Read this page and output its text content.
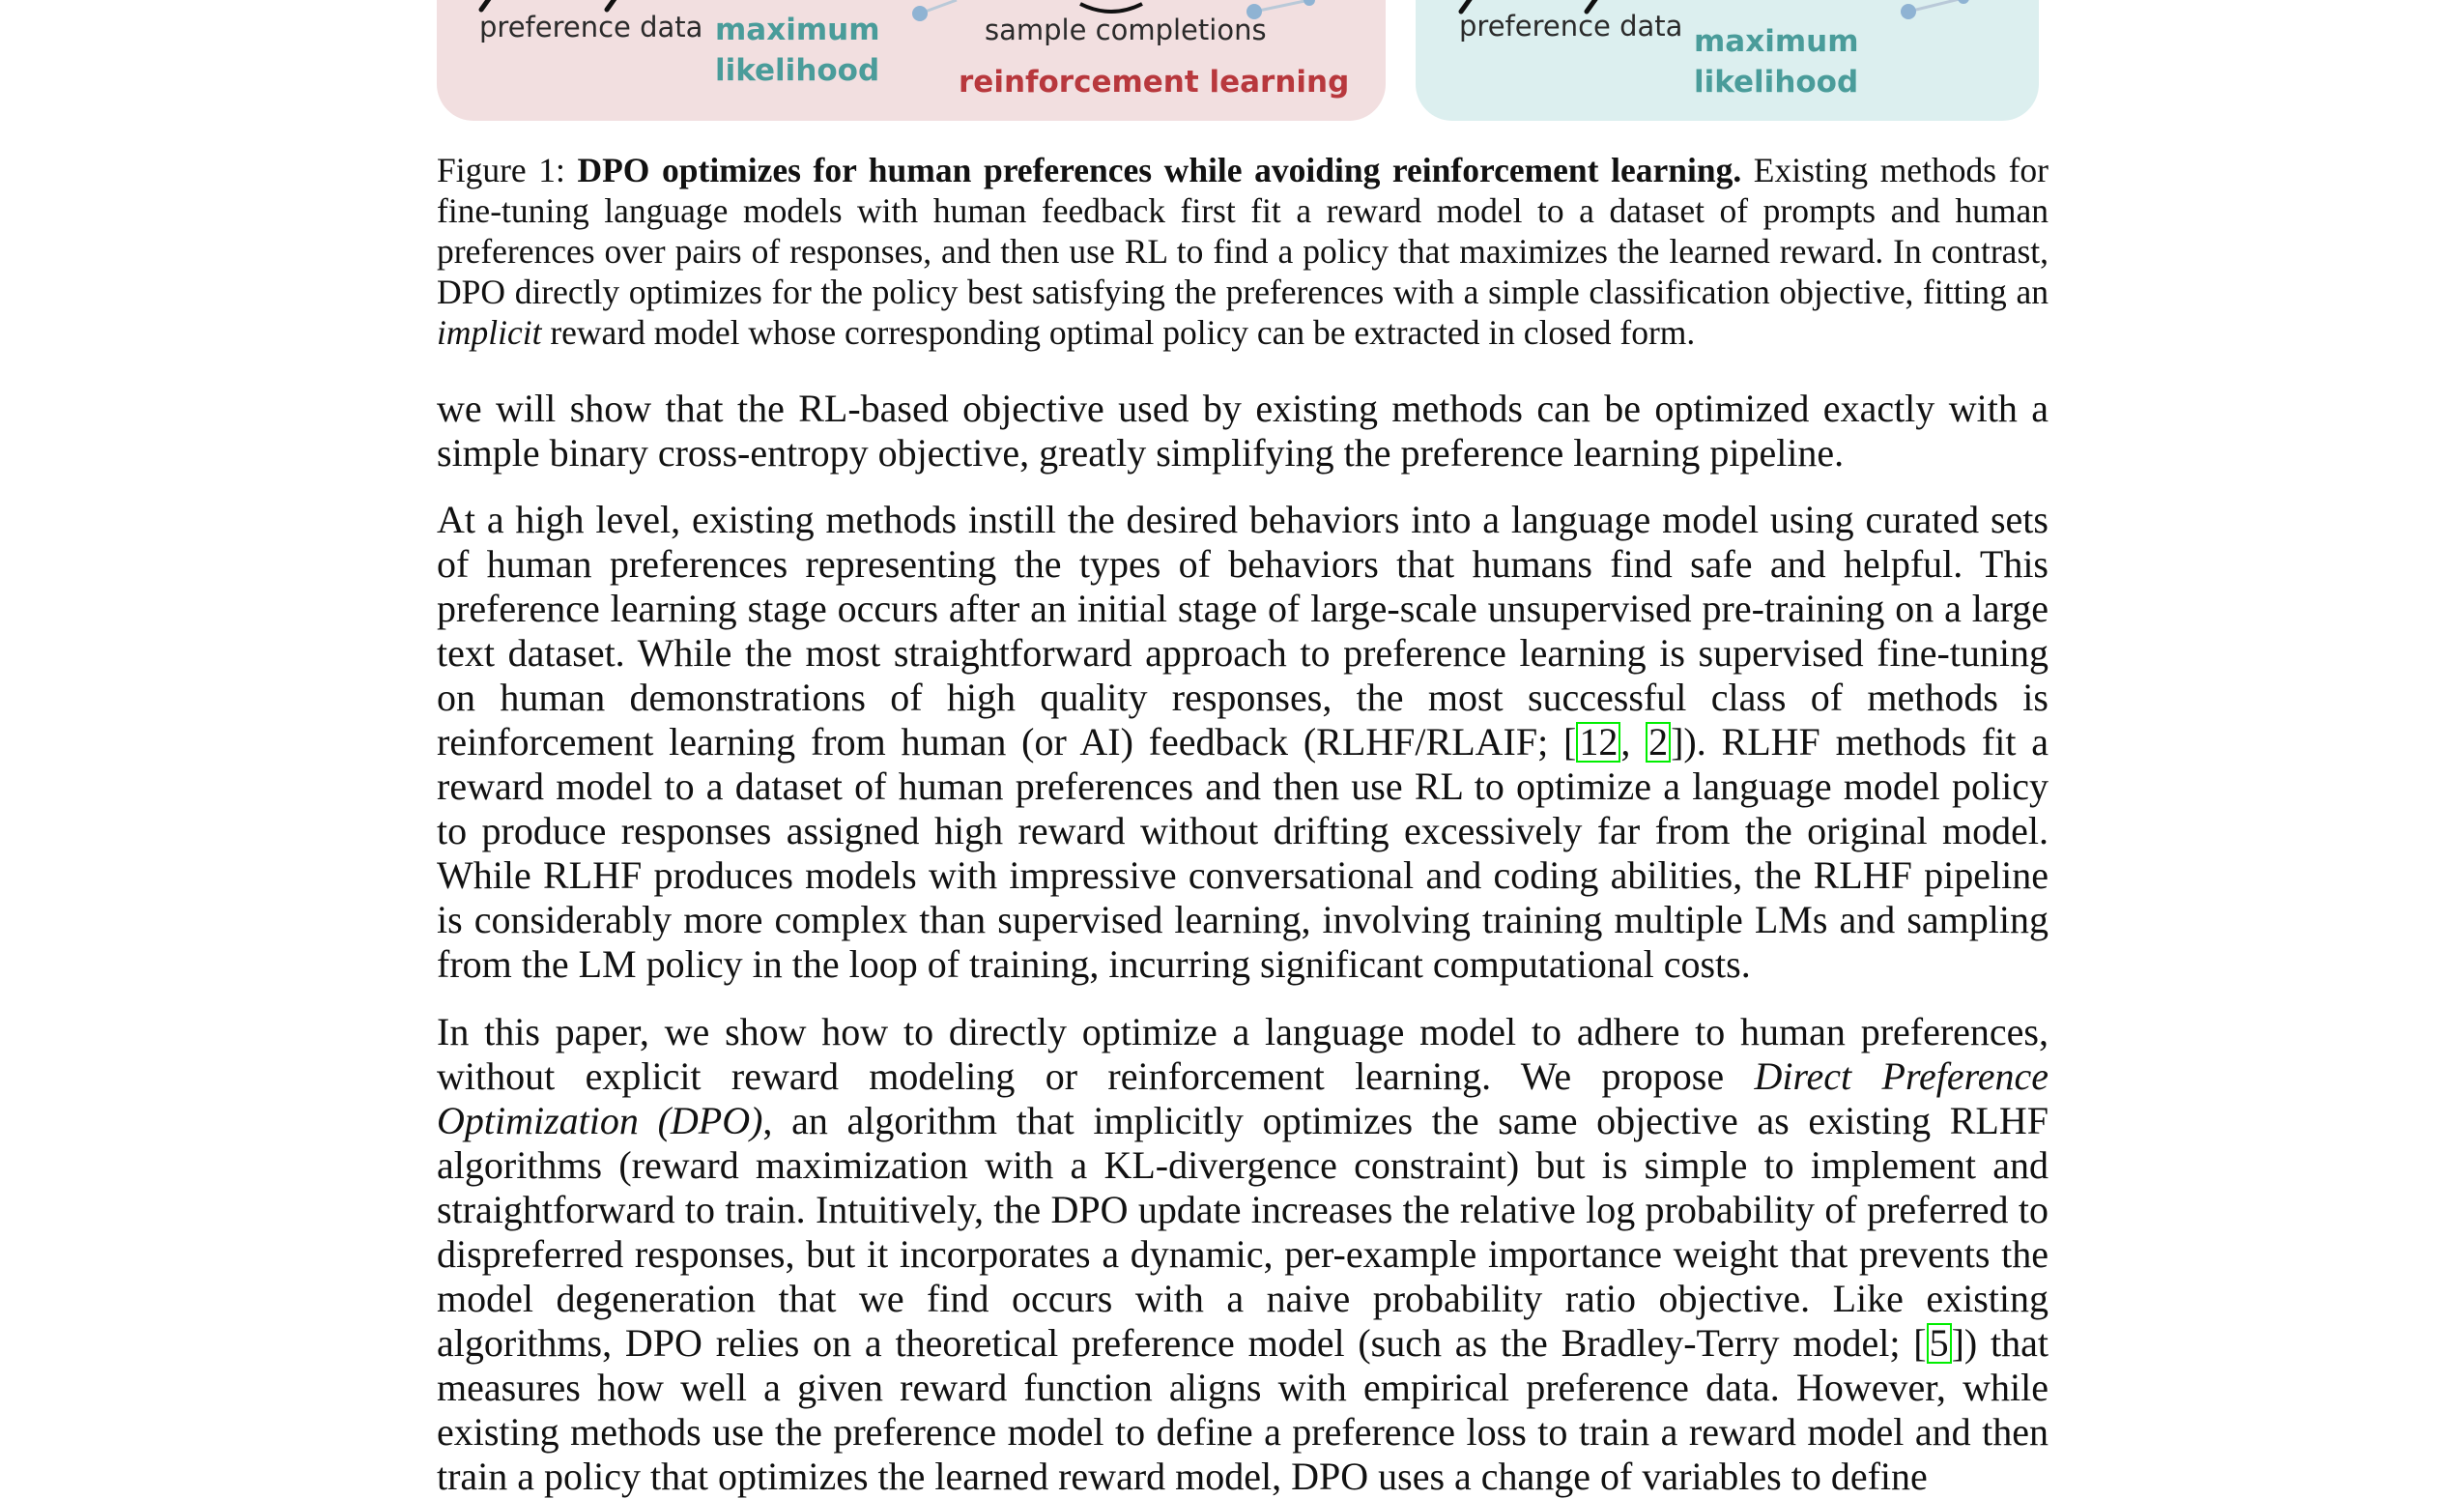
preference data maximum
likelihood
sample completions
reinforcement learning
preference data maximum
likelihood

Figure 1: DPO optimizes for human preferences while avoiding reinforcement learning. Existing methods for fine-tuning language models with human feedback first fit a reward model to a dataset of prompts and human preferences over pairs of responses, and then use RL to find a policy that maximizes the learned reward. In contrast, DPO directly optimizes for the policy best satisfying the preferences with a simple classification objective, fitting an implicit reward model whose corresponding optimal policy can be extracted in closed form.

we will show that the RL-based objective used by existing methods can be optimized exactly with a simple binary cross-entropy objective, greatly simplifying the preference learning pipeline.

At a high level, existing methods instill the desired behaviors into a language model using curated sets of human preferences representing the types of behaviors that humans find safe and helpful. This preference learning stage occurs after an initial stage of large-scale unsupervised pre-training on a large text dataset. While the most straightforward approach to preference learning is supervised fine-tuning on human demonstrations of high quality responses, the most successful class of methods is reinforcement learning from human (or AI) feedback (RLHF/RLAIF; [12, 2]). RLHF methods fit a reward model to a dataset of human preferences and then use RL to optimize a language model policy to produce responses assigned high reward without drifting excessively far from the original model. While RLHF produces models with impressive conversational and coding abilities, the RLHF pipeline is considerably more complex than supervised learning, involving training multiple LMs and sampling from the LM policy in the loop of training, incurring significant computational costs.

In this paper, we show how to directly optimize a language model to adhere to human preferences, without explicit reward modeling or reinforcement learning. We propose Direct Preference Optimization (DPO), an algorithm that implicitly optimizes the same objective as existing RLHF algorithms (reward maximization with a KL-divergence constraint) but is simple to implement and straightforward to train. Intuitively, the DPO update increases the relative log probability of preferred to dispreferred responses, but it incorporates a dynamic, per-example importance weight that prevents the model degeneration that we find occurs with a naive probability ratio objective. Like existing algorithms, DPO relies on a theoretical preference model (such as the Bradley-Terry model; [5]) that measures how well a given reward function aligns with empirical preference data. However, while existing methods use the preference model to define a preference loss to train a reward model and then train a policy that optimizes the learned reward model, DPO uses a change of variables to define
